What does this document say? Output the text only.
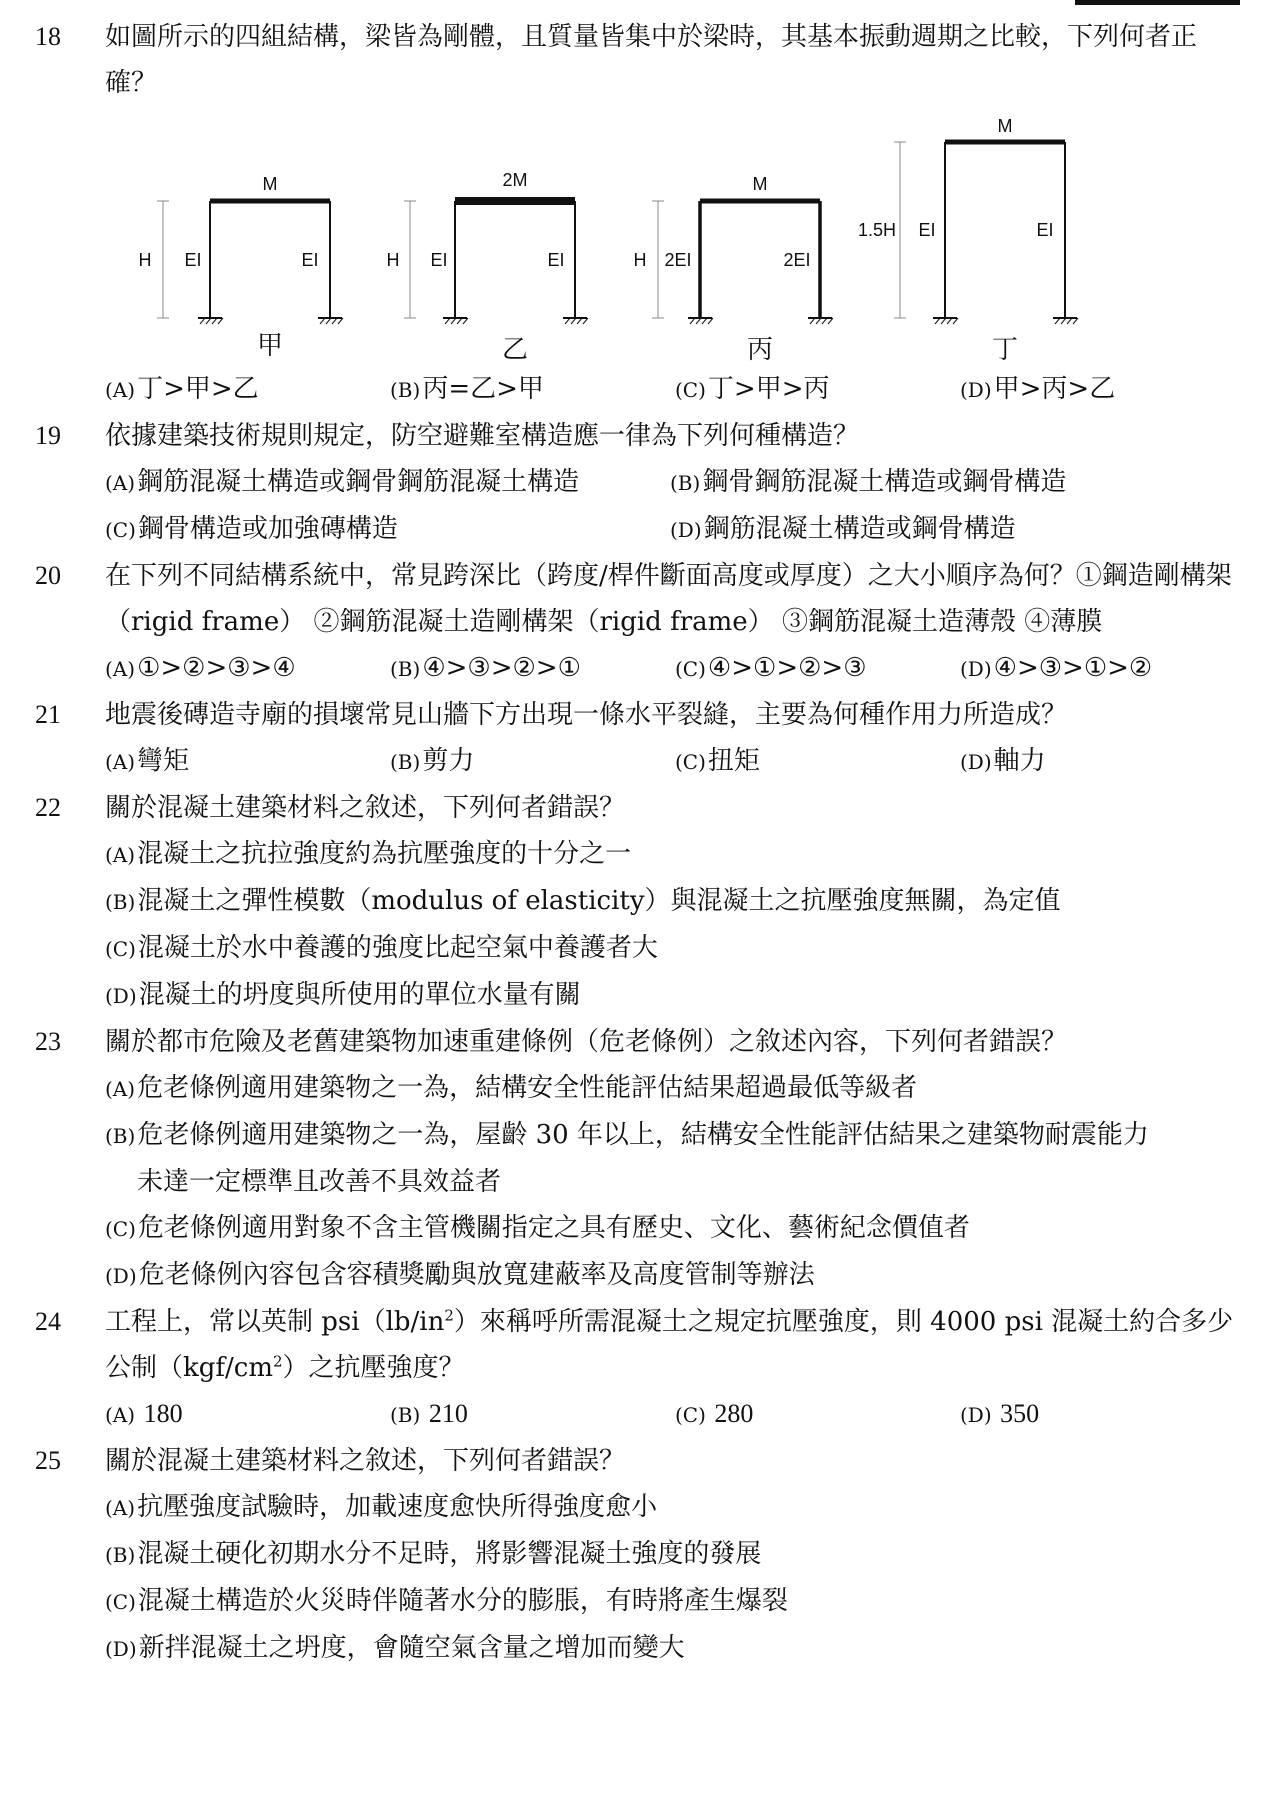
18	如圖所示的四組結構，梁皆為剛體，且質量皆集中於梁時，其基本振動週期之比較，下列何者正確？
M
H EI	EI
2M
H EI	EI
M
H 2EI	2EI
M
1.5H EI	EI
甲	乙	丙	丁
(A)丁>甲>乙	(B)丙=乙>甲	(C)丁>甲>丙	(D)甲>丙>乙
19	依據建築技術規則規定，防空避難室構造應一律為下列何種構造？
(A)鋼筋混凝土構造或鋼骨鋼筋混凝土構造	(B)鋼骨鋼筋混凝土構造或鋼骨構造
(C)鋼骨構造或加強磚構造	(D)鋼筋混凝土構造或鋼骨構造
20	在下列不同結構系統中，常見跨深比（跨度/桿件斷面高度或厚度）之大小順序為何？①鋼造剛構架（rigid frame） ②鋼筋混凝土造剛構架（rigid frame） ③鋼筋混凝土造薄殼 ④薄膜
(A)①>②>③>④	(B)④>③>②>①	(C)④>①>②>③	(D)④>③>①>②
21	地震後磚造寺廟的損壞常見山牆下方出現一條水平裂縫，主要為何種作用力所造成？
(A)彎矩	(B)剪力	(C)扭矩	(D)軸力
22	關於混凝土建築材料之敘述，下列何者錯誤？
(A)混凝土之抗拉強度約為抗壓強度的十分之一
(B)混凝土之彈性模數（modulus of elasticity）與混凝土之抗壓強度無關，為定值
(C)混凝土於水中養護的強度比起空氣中養護者大
(D)混凝土的坍度與所使用的單位水量有關
23	關於都市危險及老舊建築物加速重建條例（危老條例）之敘述內容，下列何者錯誤？
(A)危老條例適用建築物之一為，結構安全性能評估結果超過最低等級者
(B)危老條例適用建築物之一為，屋齡 30 年以上，結構安全性能評估結果之建築物耐震能力
未達一定標準且改善不具效益者
(C)危老條例適用對象不含主管機關指定之具有歷史、文化、藝術紀念價值者
(D)危老條例內容包含容積獎勵與放寬建蔽率及高度管制等辦法
24	工程上，常以英制 $psi(lb/in^2)$來稱呼所需混凝土之規定抗壓強度，則 4000 psi 混凝土約合多少公制$(kgf/cm^2)$之抗壓強度？
(A) 180	(B) 210	(C) 280	(D) 350
25	關於混凝土建築材料之敘述，下列何者錯誤？
(A)抗壓強度試驗時，加載速度愈快所得強度愈小
(B)混凝土硬化初期水分不足時，將影響混凝土強度的發展
(C)混凝土構造於火災時伴隨著水分的膨脹，有時將產生爆裂
(D)新拌混凝土之坍度，會隨空氣含量之增加而變大
